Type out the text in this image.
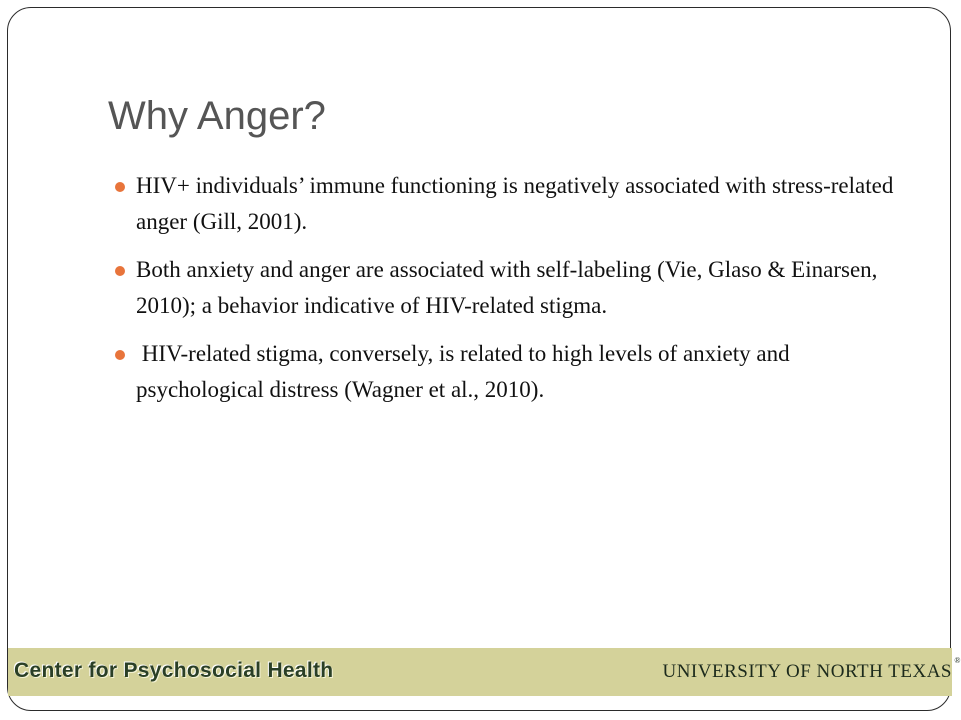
Why Anger?
HIV+ individuals’ immune functioning is negatively associated with stress-related anger (Gill, 2001).
Both anxiety and anger are associated with self-labeling (Vie, Glaso & Einarsen, 2010); a behavior indicative of HIV-related stigma.
HIV-related stigma, conversely, is related to high levels of anxiety and psychological distress (Wagner et al., 2010).
Center for Psychosocial Health	UNIVERSITY OF NORTH TEXAS
®
